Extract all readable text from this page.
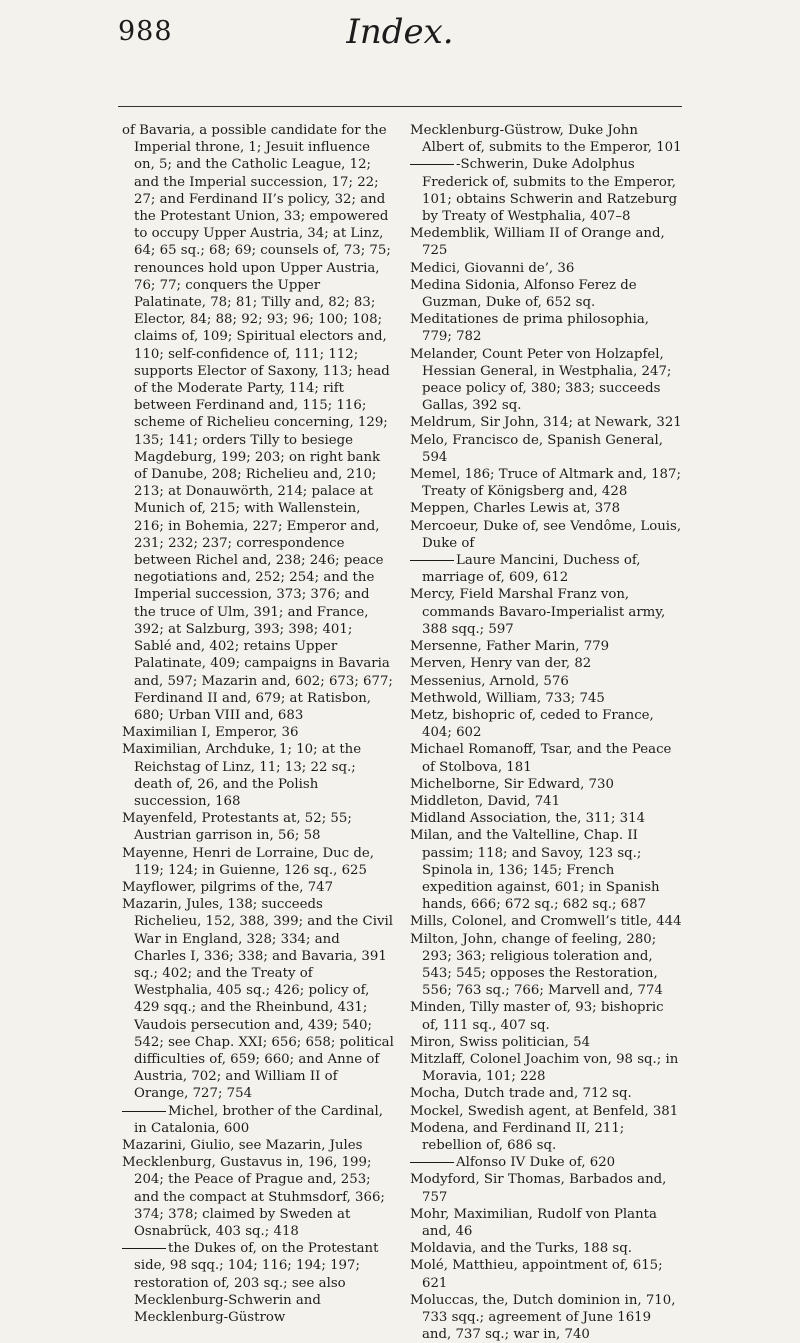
988	Index.

of Bavaria, a possible candidate for the Imperial throne, 1; Jesuit influence on, 5; and the Catholic League, 12; and the Imperial succession, 17; 22; 27; and Ferdinand II’s policy, 32; and the Protestant Union, 33; empowered to occupy Upper Austria, 34; at Linz, 64; 65 sq.; 68; 69; counsels of, 73; 75; renounces hold upon Upper Austria, 76; 77; conquers the Upper Palatinate, 78; 81; Tilly and, 82; 83; Elector, 84; 88; 92; 93; 96; 100; 108; claims of, 109; Spiritual electors and, 110; self-confidence of, 111; 112; supports Elector of Saxony, 113; head of the Moderate Party, 114; rift between Ferdinand and, 115; 116; scheme of Richelieu concerning, 129; 135; 141; orders Tilly to besiege Magdeburg, 199; 203; on right bank of Danube, 208; Richelieu and, 210; 213; at Donauwörth, 214; palace at Munich of, 215; with Wallenstein, 216; in Bohemia, 227; Emperor and, 231; 232; 237; correspondence between Richel and, 238; 246; peace negotiations and, 252; 254; and the Imperial succession, 373; 376; and the truce of Ulm, 391; and France, 392; at Salzburg, 393; 398; 401; Sablé and, 402; retains Upper Palatinate, 409; campaigns in Bavaria and, 597; Mazarin and, 602; 673; 677; Ferdinand II and, 679; at Ratisbon, 680; Urban VIII and, 683

Maximilian I, Emperor, 36

Maximilian, Archduke, 1; 10; at the Reichstag of Linz, 11; 13; 22 sq.; death of, 26, and the Polish succession, 168

Mayenfeld, Protestants at, 52; 55; Austrian garrison in, 56; 58

Mayenne, Henri de Lorraine, Duc de, 119; 124; in Guienne, 126 sq., 625

Mayflower, pilgrims of the, 747

Mazarin, Jules, 138; succeeds Richelieu, 152, 388, 399; and the Civil War in England, 328; 334; and Charles I, 336; 338; and Bavaria, 391 sq.; 402; and the Treaty of Westphalia, 405 sq.; 426; policy of, 429 sqq.; and the Rheinbund, 431; Vaudois persecution and, 439; 540; 542; see Chap. XXI; 656; 658; political difficulties of, 659; 660; and Anne of Austria, 702; and William II of Orange, 727; 754

Michel, brother of the Cardinal, in Catalonia, 600

Mazarini, Giulio, see Mazarin, Jules

Mecklenburg, Gustavus in, 196, 199; 204; the Peace of Prague and, 253; and the compact at Stuhmsdorf, 366; 374; 378; claimed by Sweden at Osnabrück, 403 sq.; 418

the Dukes of, on the Protestant side, 98 sqq.; 104; 116; 194; 197; restoration of, 203 sq.; see also Mecklenburg-Schwerin and Mecklenburg-Güstrow

Mecklenburg-Güstrow, Duke John Albert of, submits to the Emperor, 101

-Schwerin, Duke Adolphus Frederick of, submits to the Emperor, 101; obtains Schwerin and Ratzeburg by Treaty of Westphalia, 407–8

Medemblik, William II of Orange and, 725

Medici, Giovanni de’, 36

Medina Sidonia, Alfonso Ferez de Guzman, Duke of, 652 sq.

Meditationes de prima philosophia, 779; 782

Melander, Count Peter von Holzapfel, Hessian General, in Westphalia, 247; peace policy of, 380; 383; succeeds Gallas, 392 sq.

Meldrum, Sir John, 314; at Newark, 321

Melo, Francisco de, Spanish General, 594

Memel, 186; Truce of Altmark and, 187; Treaty of Königsberg and, 428

Meppen, Charles Lewis at, 378

Mercoeur, Duke of, see Vendôme, Louis, Duke of

Laure Mancini, Duchess of, marriage of, 609, 612

Mercy, Field Marshal Franz von, commands Bavaro-Imperialist army, 388 sqq.; 597

Mersenne, Father Marin, 779

Merven, Henry van der, 82

Messenius, Arnold, 576

Methwold, William, 733; 745

Metz, bishopric of, ceded to France, 404; 602

Michael Romanoff, Tsar, and the Peace of Stolbova, 181

Michelborne, Sir Edward, 730

Middleton, David, 741

Midland Association, the, 311; 314

Milan, and the Valtelline, Chap. II passim; 118; and Savoy, 123 sq.; Spinola in, 136; 145; French expedition against, 601; in Spanish hands, 666; 672 sq.; 682 sq.; 687

Mills, Colonel, and Cromwell’s title, 444

Milton, John, change of feeling, 280; 293; 363; religious toleration and, 543; 545; opposes the Restoration, 556; 763 sq.; 766; Marvell and, 774

Minden, Tilly master of, 93; bishopric of, 111 sq., 407 sq.

Miron, Swiss politician, 54

Mitzlaff, Colonel Joachim von, 98 sq.; in Moravia, 101; 228

Mocha, Dutch trade and, 712 sq.

Mockel, Swedish agent, at Benfeld, 381

Modena, and Ferdinand II, 211; rebellion of, 686 sq.

Alfonso IV Duke of, 620

Modyford, Sir Thomas, Barbados and, 757

Mohr, Maximilian, Rudolf von Planta and, 46

Moldavia, and the Turks, 188 sq.

Molé, Matthieu, appointment of, 615; 621

Moluccas, the, Dutch dominion in, 710, 733 sqq.; agreement of June 1619 and, 737 sq.; war in, 740
